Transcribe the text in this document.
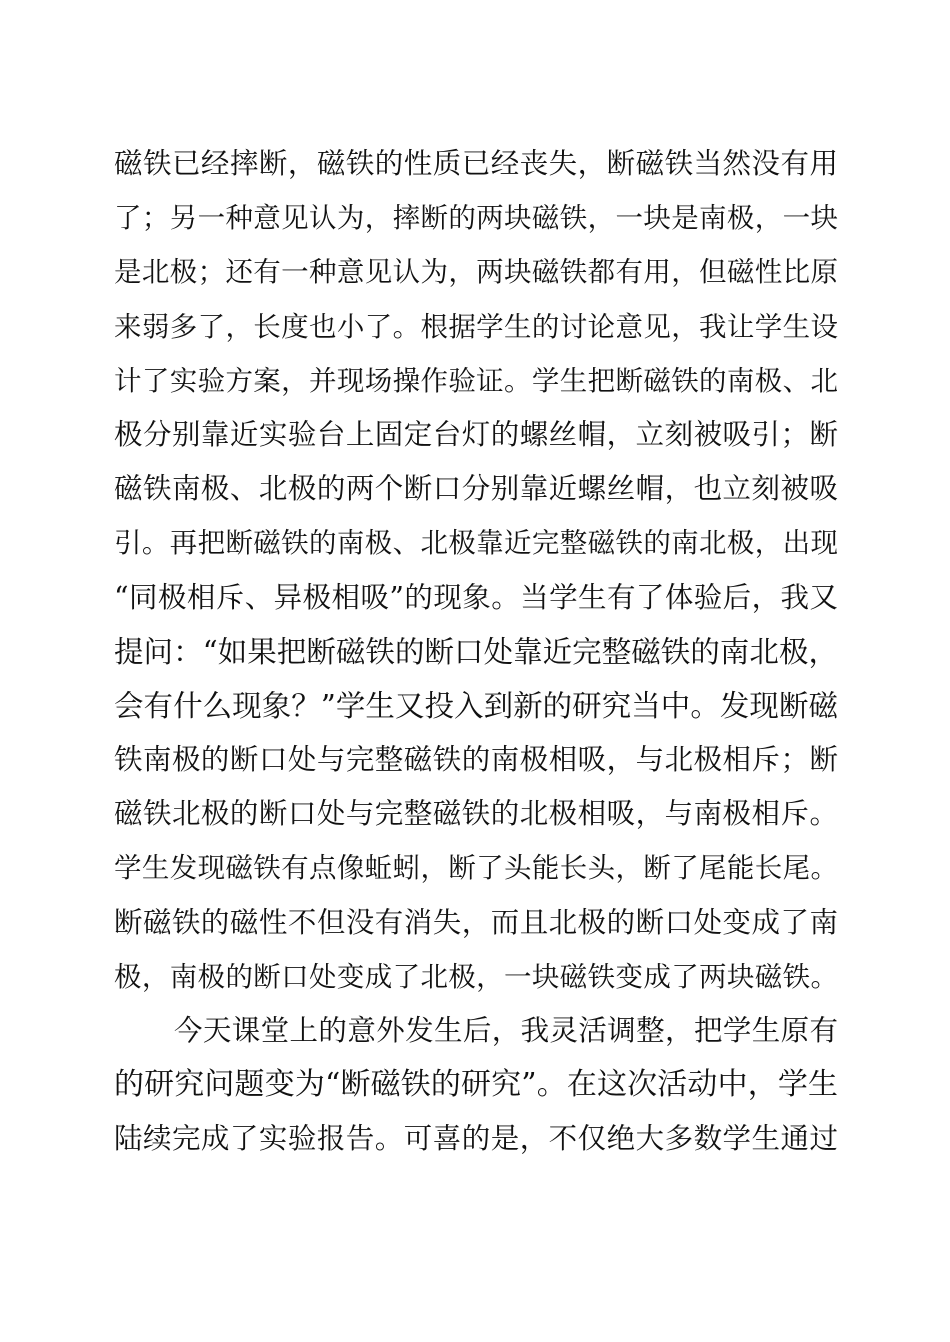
磁铁已经摔断，磁铁的性质已经丧失，断磁铁当然没有用
了；另一种意见认为，摔断的两块磁铁，一块是南极，一块
是北极；还有一种意见认为，两块磁铁都有用，但磁性比原
来弱多了，长度也小了。根据学生的讨论意见，我让学生设
计了实验方案，并现场操作验证。学生把断磁铁的南极、北
极分别靠近实验台上固定台灯的螺丝帽，立刻被吸引；断
磁铁南极、北极的两个断口分别靠近螺丝帽，也立刻被吸
引。再把断磁铁的南极、北极靠近完整磁铁的南北极，出现
“同极相斥、异极相吸”的现象。当学生有了体验后，我又
提问：“如果把断磁铁的断口处靠近完整磁铁的南北极，
会有什么现象？”学生又投入到新的研究当中。发现断磁
铁南极的断口处与完整磁铁的南极相吸，与北极相斥；断
磁铁北极的断口处与完整磁铁的北极相吸，与南极相斥。
学生发现磁铁有点像蚯蚓，断了头能长头，断了尾能长尾。
断磁铁的磁性不但没有消失，而且北极的断口处变成了南
极，南极的断口处变成了北极，一块磁铁变成了两块磁铁。
今天课堂上的意外发生后，我灵活调整，把学生原有
的研究问题变为“断磁铁的研究”。在这次活动中，学生
陆续完成了实验报告。可喜的是，不仅绝大多数学生通过
